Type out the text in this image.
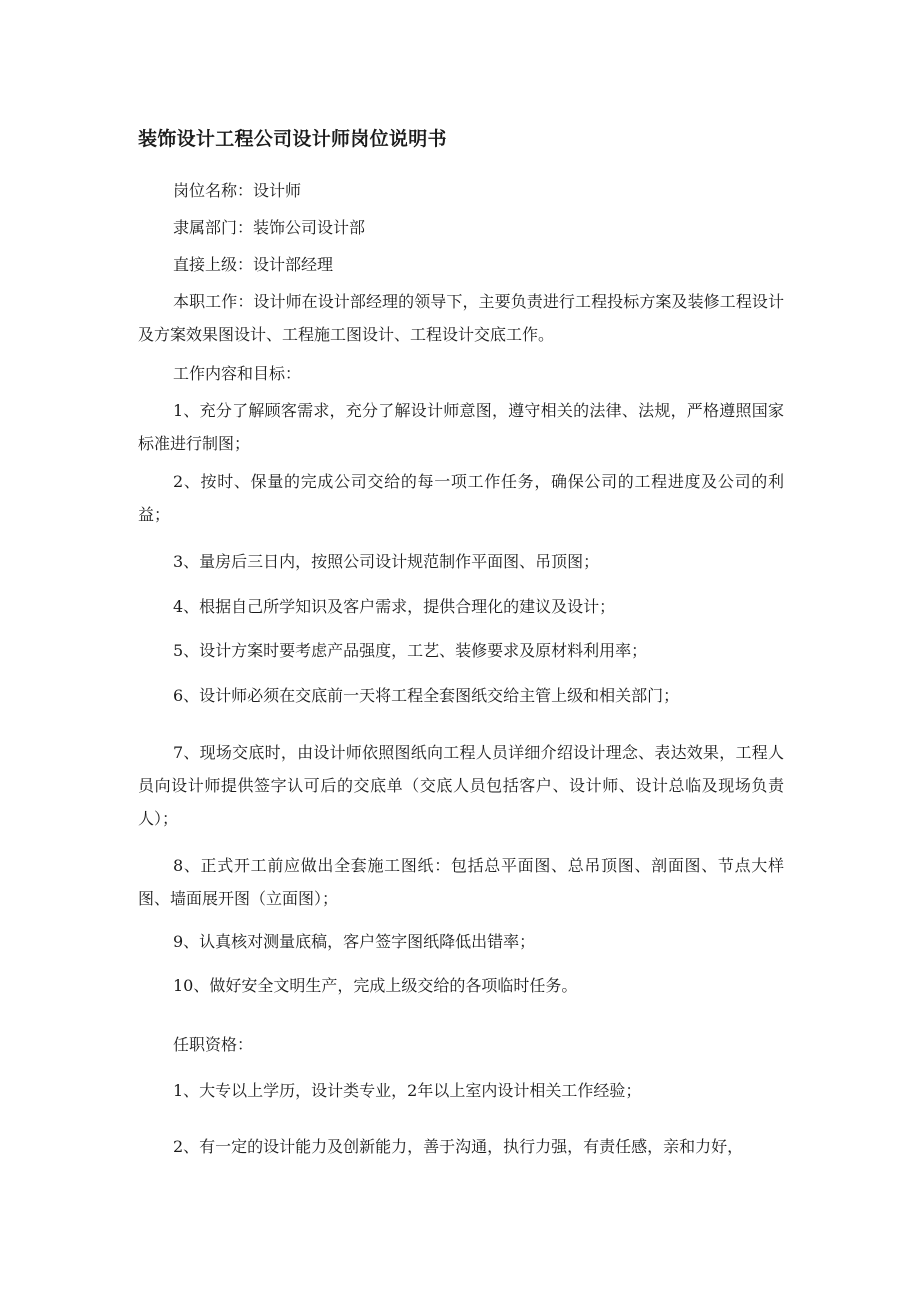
装饰设计工程公司设计师岗位说明书

岗位名称：设计师

隶属部门：装饰公司设计部

直接上级：设计部经理

本职工作：设计师在设计部经理的领导下，主要负责进行工程投标方案及装修工程设计及方案效果图设计、工程施工图设计、工程设计交底工作。

工作内容和目标：

1、充分了解顾客需求，充分了解设计师意图，遵守相关的法律、法规，严格遵照国家标准进行制图；

2、按时、保量的完成公司交给的每一项工作任务，确保公司的工程进度及公司的利益；

3、量房后三日内，按照公司设计规范制作平面图、吊顶图；

4、根据自己所学知识及客户需求，提供合理化的建议及设计；

5、设计方案时要考虑产品强度，工艺、装修要求及原材料利用率；

6、设计师必须在交底前一天将工程全套图纸交给主管上级和相关部门；

7、现场交底时，由设计师依照图纸向工程人员详细介绍设计理念、表达效果，工程人员向设计师提供签字认可后的交底单（交底人员包括客户、设计师、设计总临及现场负责人）；

8、正式开工前应做出全套施工图纸：包括总平面图、总吊顶图、剖面图、节点大样图、墙面展开图（立面图）；

9、认真核对测量底稿，客户签字图纸降低出错率；

10、做好安全文明生产，完成上级交给的各项临时任务。

任职资格：

1、大专以上学历，设计类专业，2年以上室内设计相关工作经验；

2、有一定的设计能力及创新能力，善于沟通，执行力强，有责任感，亲和力好，
